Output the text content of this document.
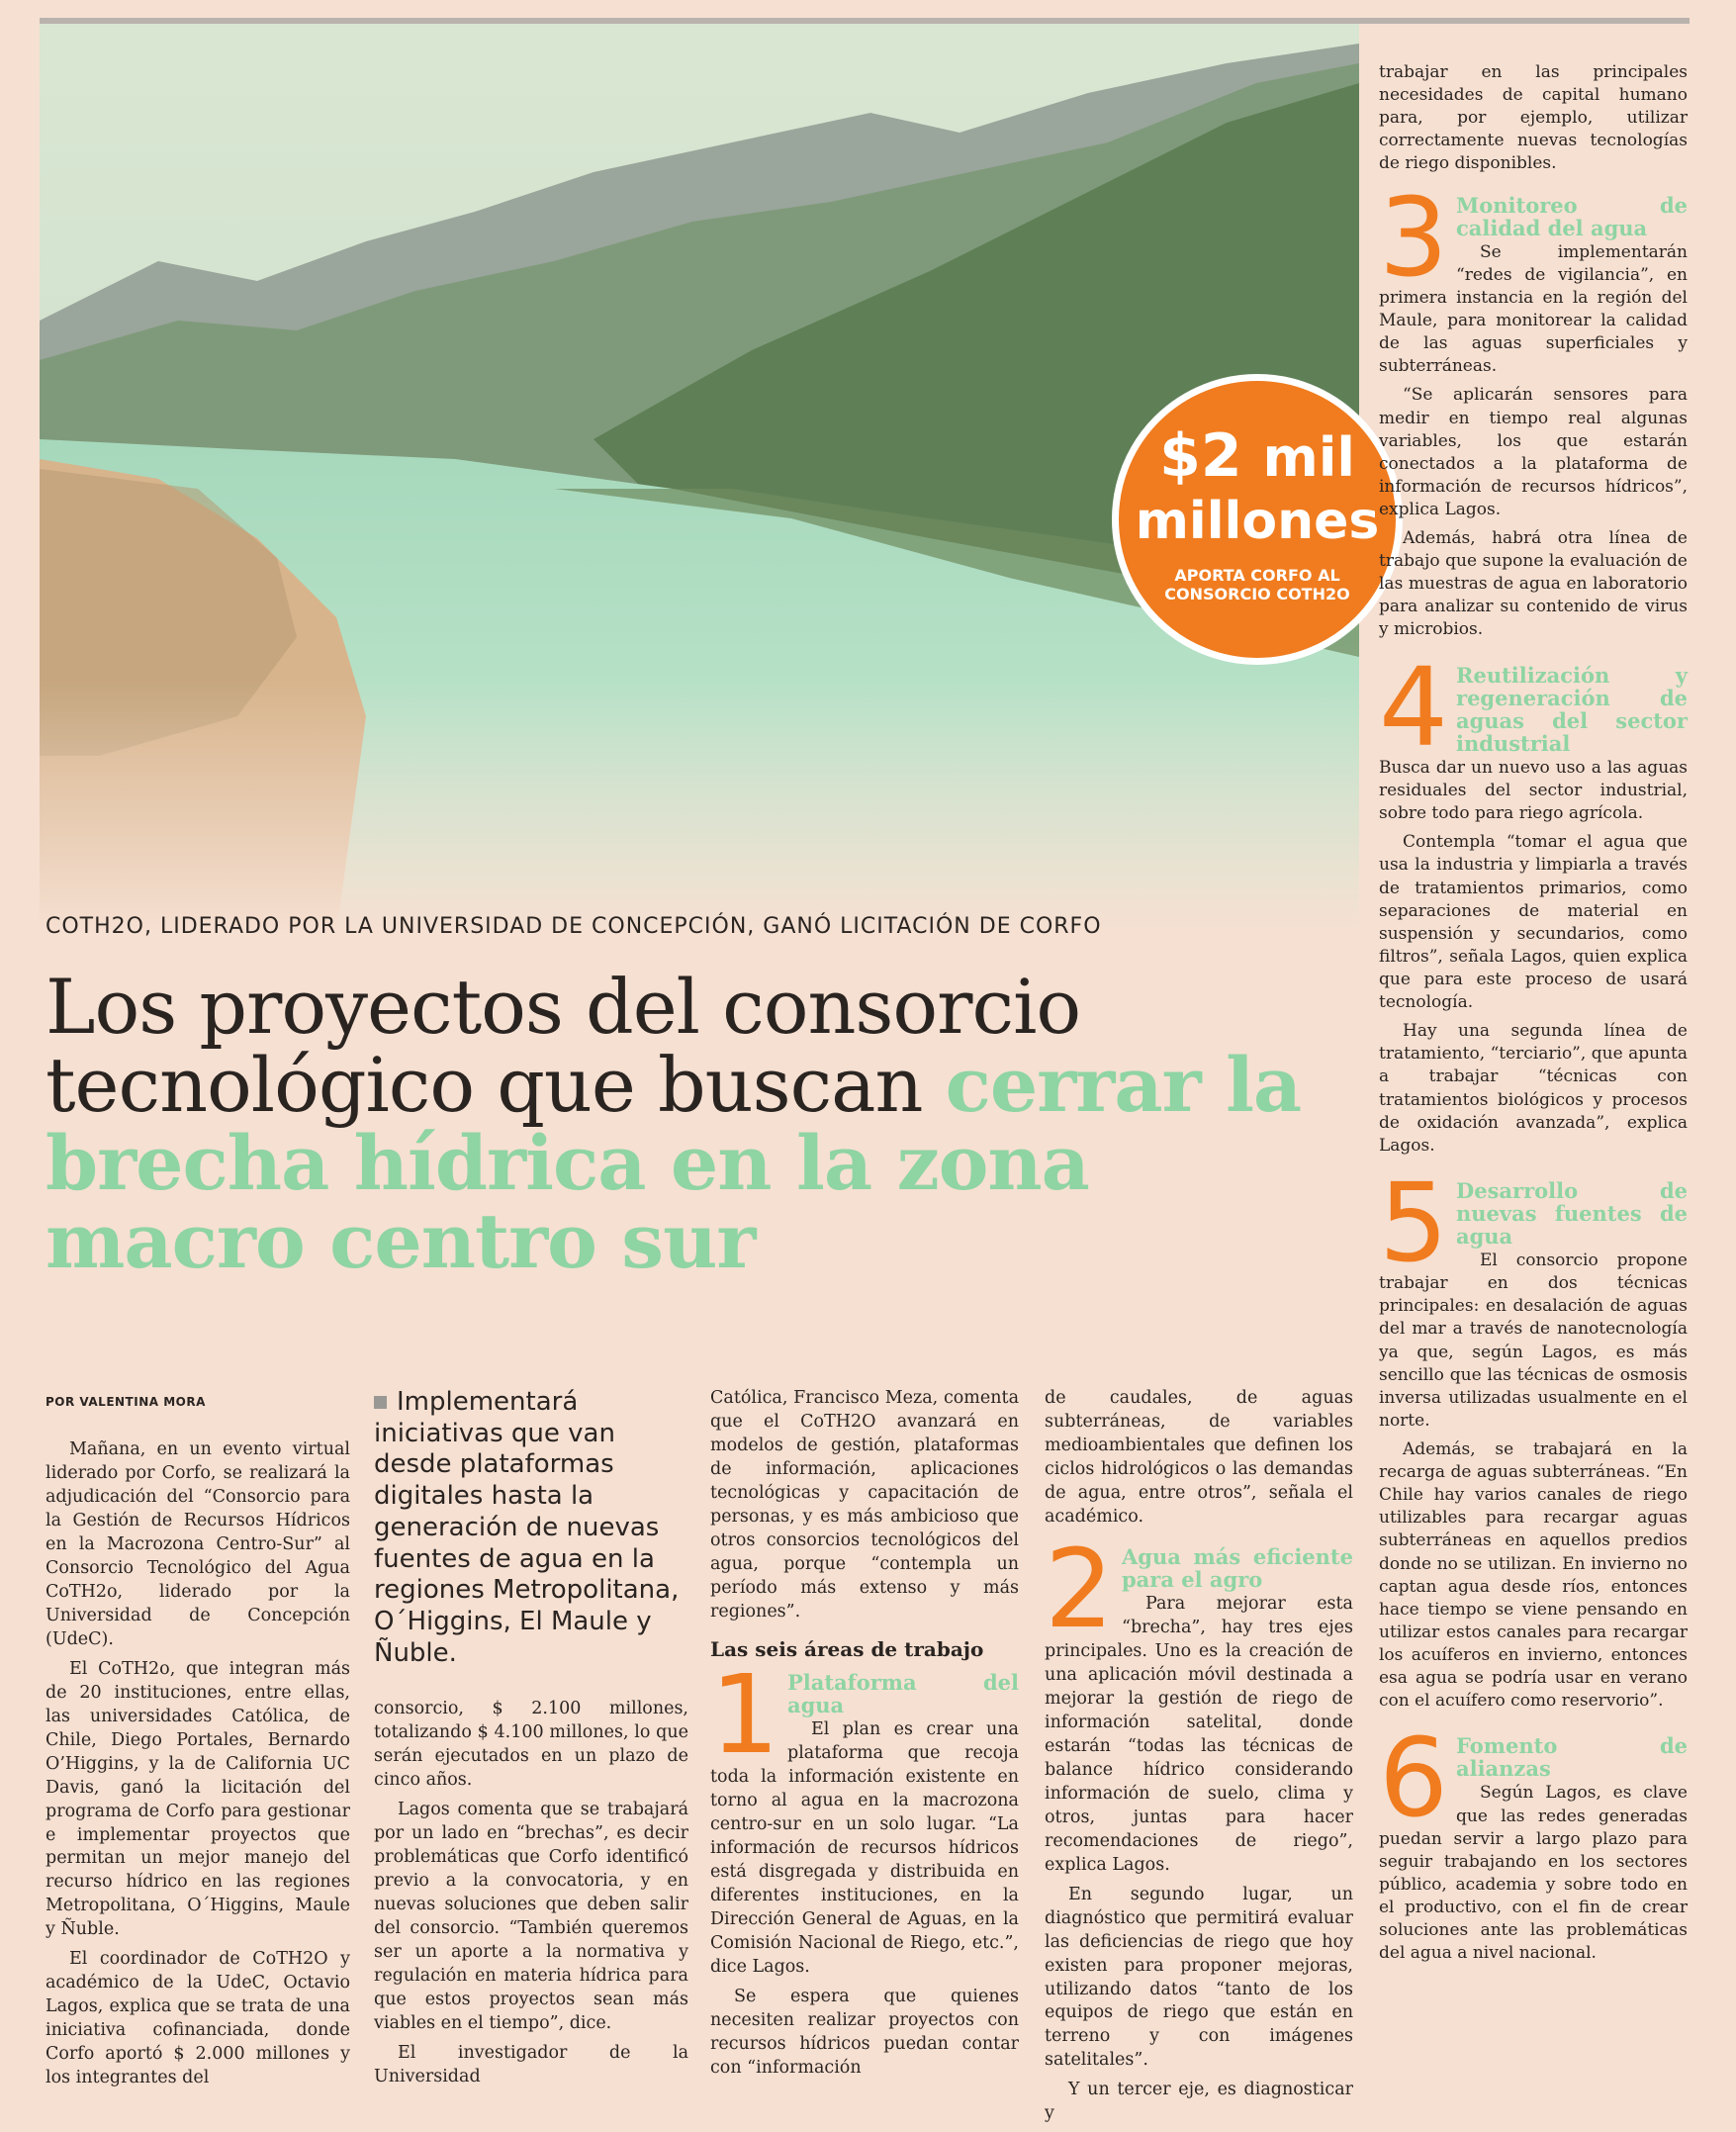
$2 mil
millones
APORTA CORFO AL CONSORCIO COTH2O
COTH2O, LIDERADO POR LA UNIVERSIDAD DE CONCEPCIÓN, GANÓ LICITACIÓN DE CORFO
Los proyectos del consorcio tecnológico que buscan cerrar la brecha hídrica en la zona macro centro sur
POR VALENTINA MORA

Mañana, en un evento virtual liderado por Corfo, se realizará la adjudicación del “Consorcio para la Gestión de Recursos Hídricos en la Macrozona Centro-Sur” al Consorcio Tecnológico del Agua CoTH2o, liderado por la Universidad de Concepción (UdeC).

El CoTH2o, que integran más de 20 instituciones, entre ellas, las universidades Católica, de Chile, Diego Portales, Bernardo O’Higgins, y la de California UC Davis, ganó la licitación del programa de Corfo para gestionar e implementar proyectos que permitan un mejor manejo del recurso hídrico en las regiones Metropolitana, O´Higgins, Maule y Ñuble.

El coordinador de CoTH2O y académico de la UdeC, Octavio Lagos, explica que se trata de una iniciativa cofinanciada, donde Corfo aportó $ 2.000 millones y los integrantes del

Implementará iniciativas que van desde plataformas digitales hasta la generación de nuevas fuentes de agua en la regiones Metropolitana, O´Higgins, El Maule y Ñuble.

consorcio, $ 2.100 millones, totalizando $ 4.100 millones, lo que serán ejecutados en un plazo de cinco años.

Lagos comenta que se trabajará por un lado en “brechas”, es decir problemáticas que Corfo identificó previo a la convocatoria, y en nuevas soluciones que deben salir del consorcio. “También queremos ser un aporte a la normativa y regulación en materia hídrica para que estos proyectos sean más viables en el tiempo”, dice.

El investigador de la Universidad

Católica, Francisco Meza, comenta que el CoTH2O avanzará en modelos de gestión, plataformas de información, aplicaciones tecnológicas y capacitación de personas, y es más ambicioso que otros consorcios tecnológicos del agua, porque “contempla un período más extenso y más regiones”.

Las seis áreas de trabajo
1 Plataforma del agua

El plan es crear una plataforma que recoja toda la información existente en torno al agua en la macrozona centro-sur en un solo lugar. “La información de recursos hídricos está disgregada y distribuida en diferentes instituciones, en la Dirección General de Aguas, en la Comisión Nacional de Riego, etc.”, dice Lagos.

Se espera que quienes necesiten realizar proyectos con recursos hídricos puedan contar con “información

de caudales, de aguas subterráneas, de variables medioambientales que definen los ciclos hidrológicos o las demandas de agua, entre otros”, señala el académico.

2 Agua más eficiente para el agro

Para mejorar esta “brecha”, hay tres ejes principales. Uno es la creación de una aplicación móvil destinada a mejorar la gestión de riego de información satelital, donde estarán “todas las técnicas de balance hídrico considerando información de suelo, clima y otros, juntas para hacer recomendaciones de riego”, explica Lagos.

En segundo lugar, un diagnóstico que permitirá evaluar las deficiencias de riego que hoy existen para proponer mejoras, utilizando datos “tanto de los equipos de riego que están en terreno y con imágenes satelitales”.

Y un tercer eje, es diagnosticar y

trabajar en las principales necesidades de capital humano para, por ejemplo, utilizar correctamente nuevas tecnologías de riego disponibles.

3 Monitoreo de calidad del agua

Se implementarán “redes de vigilancia”, en primera instancia en la región del Maule, para monitorear la calidad de las aguas superficiales y subterráneas.

“Se aplicarán sensores para medir en tiempo real algunas variables, los que estarán conectados a la plataforma de información de recursos hídricos”, explica Lagos.

Además, habrá otra línea de trabajo que supone la evaluación de las muestras de agua en laboratorio para analizar su contenido de virus y microbios.

4 Reutilización y regeneración de aguas del sector industrial

Busca dar un nuevo uso a las aguas residuales del sector industrial, sobre todo para riego agrícola.

Contempla “tomar el agua que usa la industria y limpiarla a través de tratamientos primarios, como separaciones de material en suspensión y secundarios, como filtros”, señala Lagos, quien explica que para este proceso de usará tecnología.

Hay una segunda línea de tratamiento, “terciario”, que apunta a trabajar “técnicas con tratamientos biológicos y procesos de oxidación avanzada”, explica Lagos.

5 Desarrollo de nuevas fuentes de agua

El consorcio propone trabajar en dos técnicas principales: en desalación de aguas del mar a través de nanotecnología ya que, según Lagos, es más sencillo que las técnicas de osmosis inversa utilizadas usualmente en el norte.

Además, se trabajará en la recarga de aguas subterráneas. “En Chile hay varios canales de riego utilizables para recargar aguas subterráneas en aquellos predios donde no se utilizan. En invierno no captan agua desde ríos, entonces hace tiempo se viene pensando en utilizar estos canales para recargar los acuíferos en invierno, entonces esa agua se podría usar en verano con el acuífero como reservorio”.

6 Fomento de alianzas

Según Lagos, es clave que las redes generadas puedan servir a largo plazo para seguir trabajando en los sectores público, academia y sobre todo en el productivo, con el fin de crear soluciones ante las problemáticas del agua a nivel nacional.
